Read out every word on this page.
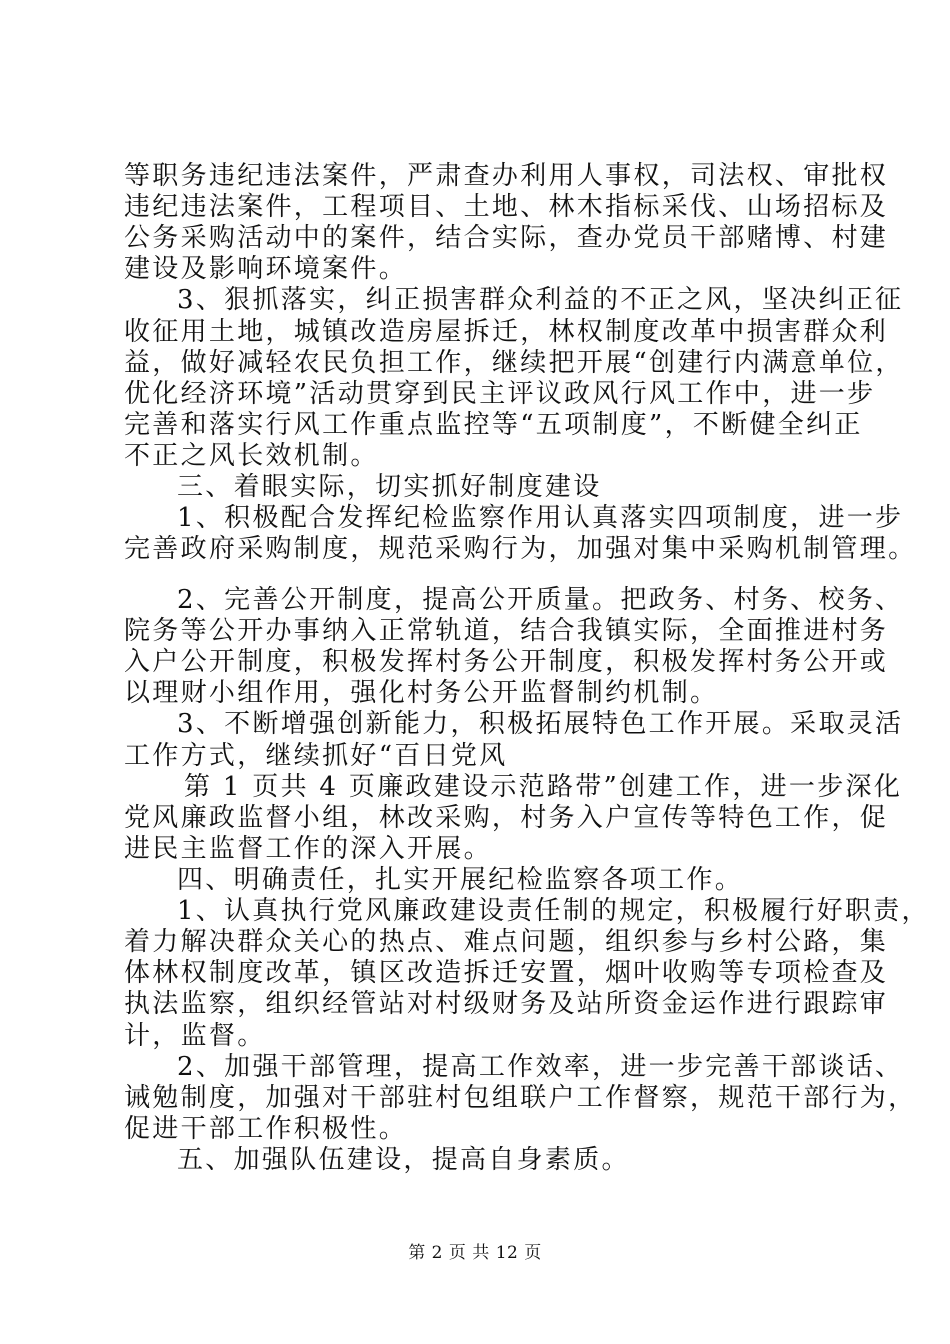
等职务违纪违法案件，严肃查办利用人事权，司法权、审批权
违纪违法案件，工程项目、土地、林木指标采伐、山场招标及
公务采购活动中的案件，结合实际，查办党员干部赌博、村建
建设及影响环境案件。
3、狠抓落实，纠正损害群众利益的不正之风，坚决纠正征
收征用土地，城镇改造房屋拆迁，林权制度改革中损害群众利
益，做好减轻农民负担工作，继续把开展“创建行内满意单位，
优化经济环境”活动贯穿到民主评议政风行风工作中，进一步
完善和落实行风工作重点监控等“五项制度”，不断健全纠正
不正之风长效机制。
三、着眼实际，切实抓好制度建设
1、积极配合发挥纪检监察作用认真落实四项制度，进一步
完善政府采购制度，规范采购行为，加强对集中采购机制管理。
2、完善公开制度，提高公开质量。把政务、村务、校务、
院务等公开办事纳入正常轨道，结合我镇实际，全面推进村务
入户公开制度，积极发挥村务公开制度，积极发挥村务公开或
以理财小组作用，强化村务公开监督制约机制。
3、不断增强创新能力，积极拓展特色工作开展。采取灵活
工作方式，继续抓好“百日党风
第 1 页共 4 页廉政建设示范路带”创建工作，进一步深化
党风廉政监督小组，林改采购，村务入户宣传等特色工作，促
进民主监督工作的深入开展。
四、明确责任，扎实开展纪检监察各项工作。
1、认真执行党风廉政建设责任制的规定，积极履行好职责，
着力解决群众关心的热点、难点问题，组织参与乡村公路，集
体林权制度改革，镇区改造拆迁安置，烟叶收购等专项检查及
执法监察，组织经管站对村级财务及站所资金运作进行跟踪审
计，监督。
2、加强干部管理，提高工作效率，进一步完善干部谈话、
诫勉制度，加强对干部驻村包组联户工作督察，规范干部行为，
促进干部工作积极性。
五、加强队伍建设，提高自身素质。
第 2 页 共 12 页
